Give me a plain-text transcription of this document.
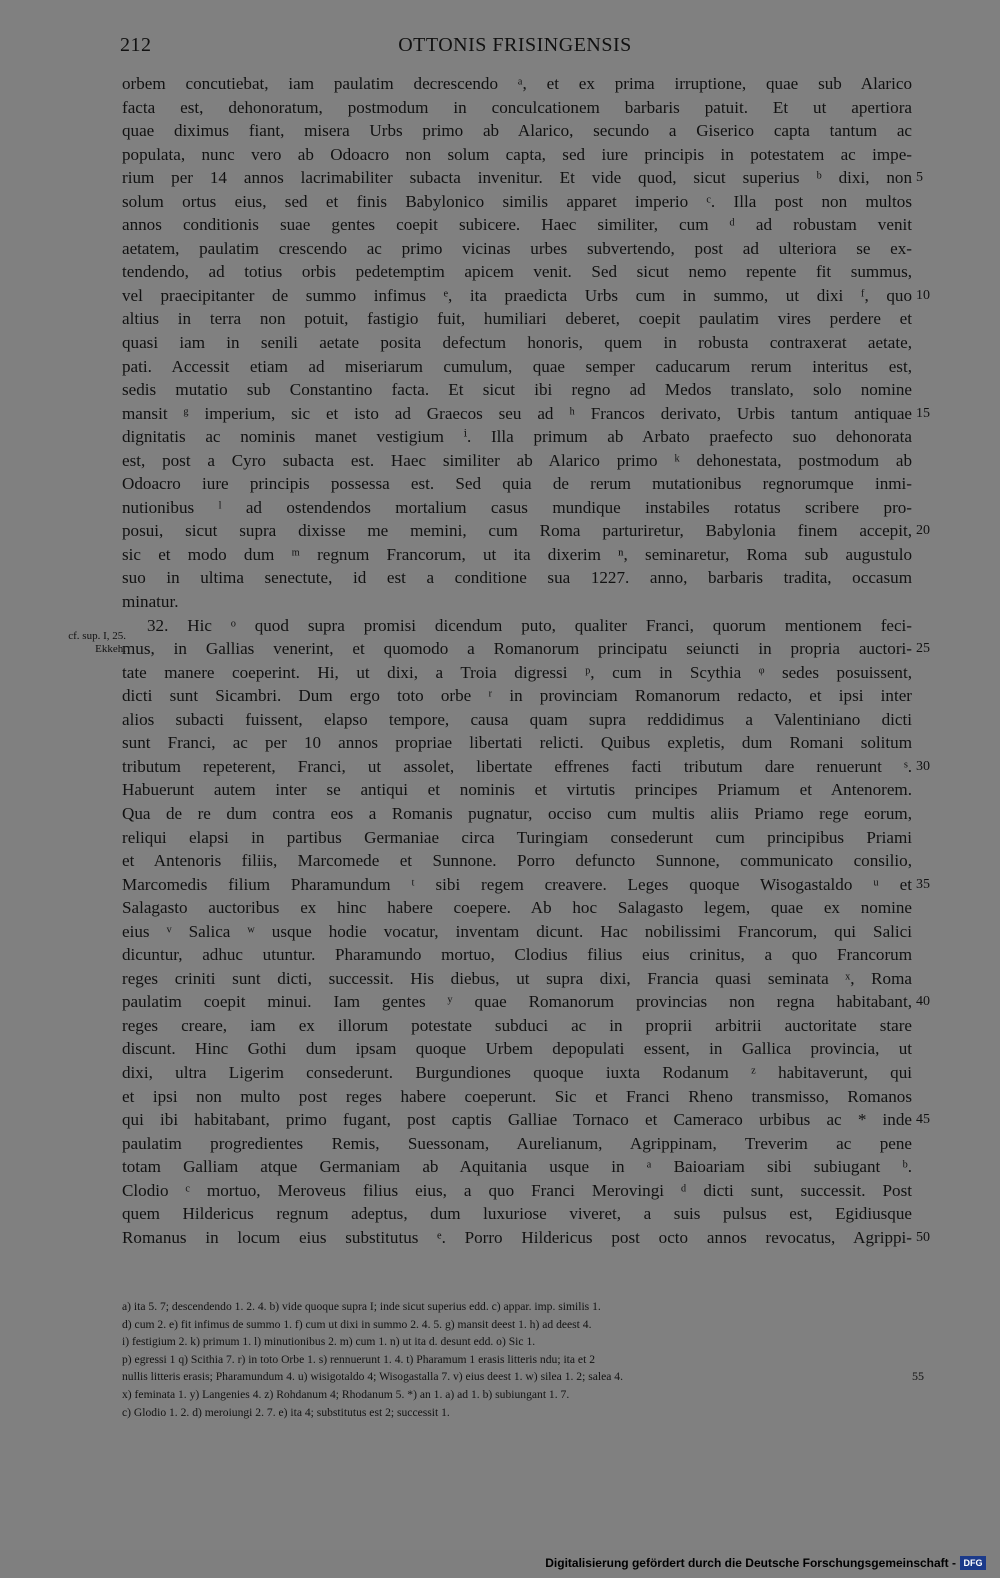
212	OTTONIS FRISINGENSIS
cf. sup. I, 25. Ekkeh.
orbem concutiebat, iam paulatim decrescendo ᵃ, et ex prima irruptione, quae sub Alarico
facta est, dehonoratum, postmodum in conculcationem barbaris patuit. Et ut apertiora
quae diximus fiant, misera Urbs primo ab Alarico, secundo a Giserico capta tantum ac
populata, nunc vero ab Odoacro non solum capta, sed iure principis in potestatem ac impe-
rium per 14 annos lacrimabiliter subacta invenitur. Et vide quod, sicut superius ᵇ dixi, non 5
solum ortus eius, sed et finis Babylonico similis apparet imperio ᶜ. Illa post non multos
annos conditionis suae gentes coepit subicere. Haec similiter, cum ᵈ ad robustam venit
aetatem, paulatim crescendo ac primo vicinas urbes subvertendo, post ad ulteriora se ex-
tendendo, ad totius orbis pedetemptim apicem venit. Sed sicut nemo repente fit summus,
vel praecipitanter de summo infimus ᵉ, ita praedicta Urbs cum in summo, ut dixi ᶠ, quo 10
altius in terra non potuit, fastigio fuit, humiliari deberet, coepit paulatim vires perdere et
quasi iam in senili aetate posita defectum honoris, quem in robusta contraxerat aetate,
pati. Accessit etiam ad miseriarum cumulum, quae semper caducarum rerum interitus est,
sedis mutatio sub Constantino facta. Et sicut ibi regno ad Medos translato, solo nomine
mansit ᵍ imperium, sic et isto ad Graecos seu ad ʰ Francos derivato, Urbis tantum antiquae 15
dignitatis ac nominis manet vestigium ⁱ. Illa primum ab Arbato praefecto suo dehonorata
est, post a Cyro subacta est. Haec similiter ab Alarico primo ᵏ dehonestata, postmodum ab
Odoacro iure principis possessa est. Sed quia de rerum mutationibus regnorumque inmi-
nutionibus ˡ ad ostendendos mortalium casus mundique instabiles rotatus scribere pro-
posui, sicut supra dixisse me memini, cum Roma parturiretur, Babylonia finem accepit, 20
sic et modo dum ᵐ regnum Francorum, ut ita dixerim ⁿ, seminaretur, Roma sub augustulo
suo in ultima senectute, id est a conditione sua 1227. anno, barbaris tradita, occasum
minatur.
32. Hic ᵒ quod supra promisi dicendum puto, qualiter Franci, quorum mentionem feci-
mus, in Gallias venerint, et quomodo a Romanorum principatu seiuncti in propria auctori- 25
tate manere coeperint. Hi, ut dixi, a Troia digressi ᵖ, cum in Scythia ᵠ sedes posuissent,
dicti sunt Sicambri. Dum ergo toto orbe ʳ in provinciam Romanorum redacto, et ipsi inter
alios subacti fuissent, elapso tempore, causa quam supra reddidimus a Valentiniano dicti
sunt Franci, ac per 10 annos propriae libertati relicti. Quibus expletis, dum Romani solitum
tributum repeterent, Franci, ut assolet, libertate effrenes facti tributum dare renuerunt ˢ. 30
Habuerunt autem inter se antiqui et nominis et virtutis principes Priamum et Antenorem.
Qua de re dum contra eos a Romanis pugnatur, occiso cum multis aliis Priamo rege eorum,
reliqui elapsi in partibus Germaniae circa Turingiam consederunt cum principibus Priami
et Antenoris filiis, Marcomede et Sunnone. Porro defuncto Sunnone, communicato consilio,
Marcomedis filium Pharamundum ᵗ sibi regem creavere. Leges quoque Wisogastaldo ᵘ et 35
Salagasto auctoribus ex hinc habere coepere. Ab hoc Salagasto legem, quae ex nomine
eius ᵛ Salica ʷ usque hodie vocatur, inventam dicunt. Hac nobilissimi Francorum, qui Salici
dicuntur, adhuc utuntur. Pharamundo mortuo, Clodius filius eius crinitus, a quo Francorum
reges criniti sunt dicti, successit. His diebus, ut supra dixi, Francia quasi seminata ˣ, Roma
paulatim coepit minui. Iam gentes ʸ quae Romanorum provincias non regna habitabant, 40
reges creare, iam ex illorum potestate subduci ac in proprii arbitrii auctoritate stare
discunt. Hinc Gothi dum ipsam quoque Urbem depopulati essent, in Gallica provincia, ut
dixi, ultra Ligerim consederunt. Burgundiones quoque iuxta Rodanum ᶻ habitaverunt, qui
et ipsi non multo post reges habere coeperunt. Sic et Franci Rheno transmisso, Romanos
qui ibi habitabant, primo fugant, post captis Galliae Tornaco et Cameraco urbibus ac * inde 45
paulatim progredientes Remis, Suessonam, Aurelianum, Agrippinam, Treverim ac pene
totam Galliam atque Germaniam ab Aquitania usque in ᵃ Baioariam sibi subiugant ᵇ.
Clodio ᶜ mortuo, Meroveus filius eius, a quo Franci Merovingi ᵈ dicti sunt, successit. Post
quem Hildericus regnum adeptus, dum luxuriose viveret, a suis pulsus est, Egidiusque
Romanus in locum eius substitutus ᵉ. Porro Hildericus post octo annos revocatus, Agrippi- 50
a) ita 5. 7; descendendo 1. 2. 4. b) vide quoque supra I; inde sicut superius edd. c) appar. imp. similis 1.
d) cum 2. e) fit infimus de summo 1. f) cum ut dixi in summo 2. 4. 5. g) mansit deest 1. h) ad deest 4.
i) festigium 2. k) primum 1. l) minutionibus 2. m) cum 1. n) ut ita d. desunt edd. o) Sic 1.
p) egressi 1 q) Scithia 7. r) in toto Orbe 1. s) rennuerunt 1. 4. t) Pharamum 1 erasis litteris ndu; ita et 2
nullis litteris erasis; Pharamundum 4. u) wisigotaldo 4; Wisogastalla 7. v) eius deest 1. w) silea 1. 2; salea 4.	55
x) feminata 1. y) Langenies 4. z) Rohdanum 4; Rhodanum 5. *) an 1. a) ad 1. b) subiungant 1. 7.
c) Glodio 1. 2. d) meroiungi 2. 7. e) ita 4; substitutus est 2; successit 1.
Digitalisierung gefördert durch die Deutsche Forschungsgemeinschaft - DFG
